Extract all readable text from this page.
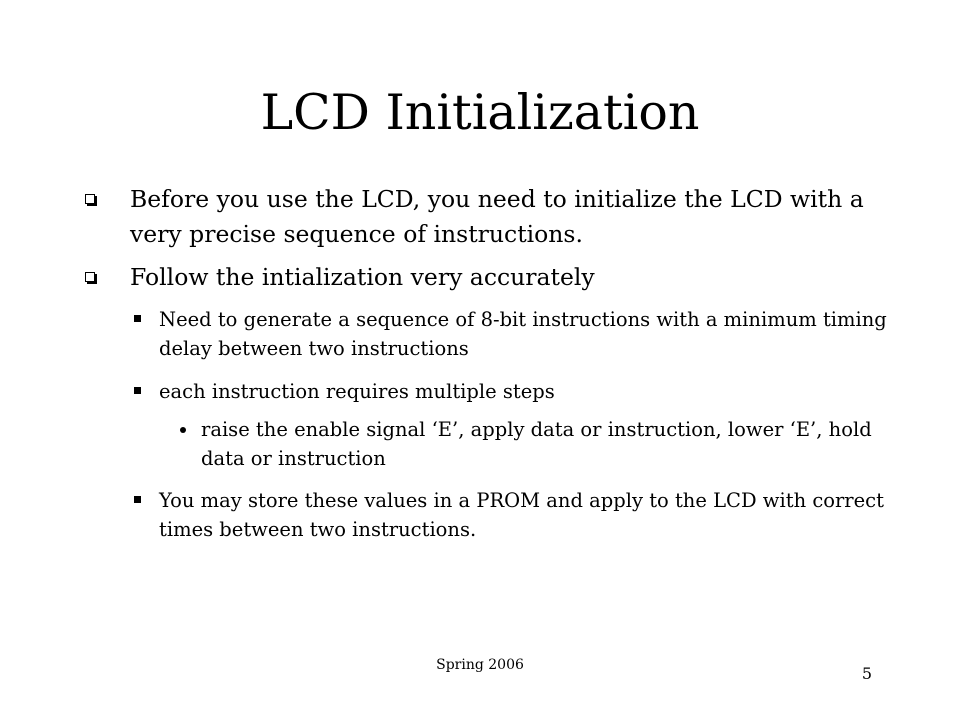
LCD Initialization
Before you use the LCD, you need to initialize the LCD with a very precise sequence of instructions.
Follow the intialization very accurately
Need to generate a sequence of 8-bit instructions with a minimum timing delay between two instructions
each instruction requires multiple steps
raise the enable signal ‘E’, apply data or instruction, lower ‘E’, hold data or instruction
You may store these values in a PROM and apply to the LCD with correct times between two instructions.
Spring 2006	5
